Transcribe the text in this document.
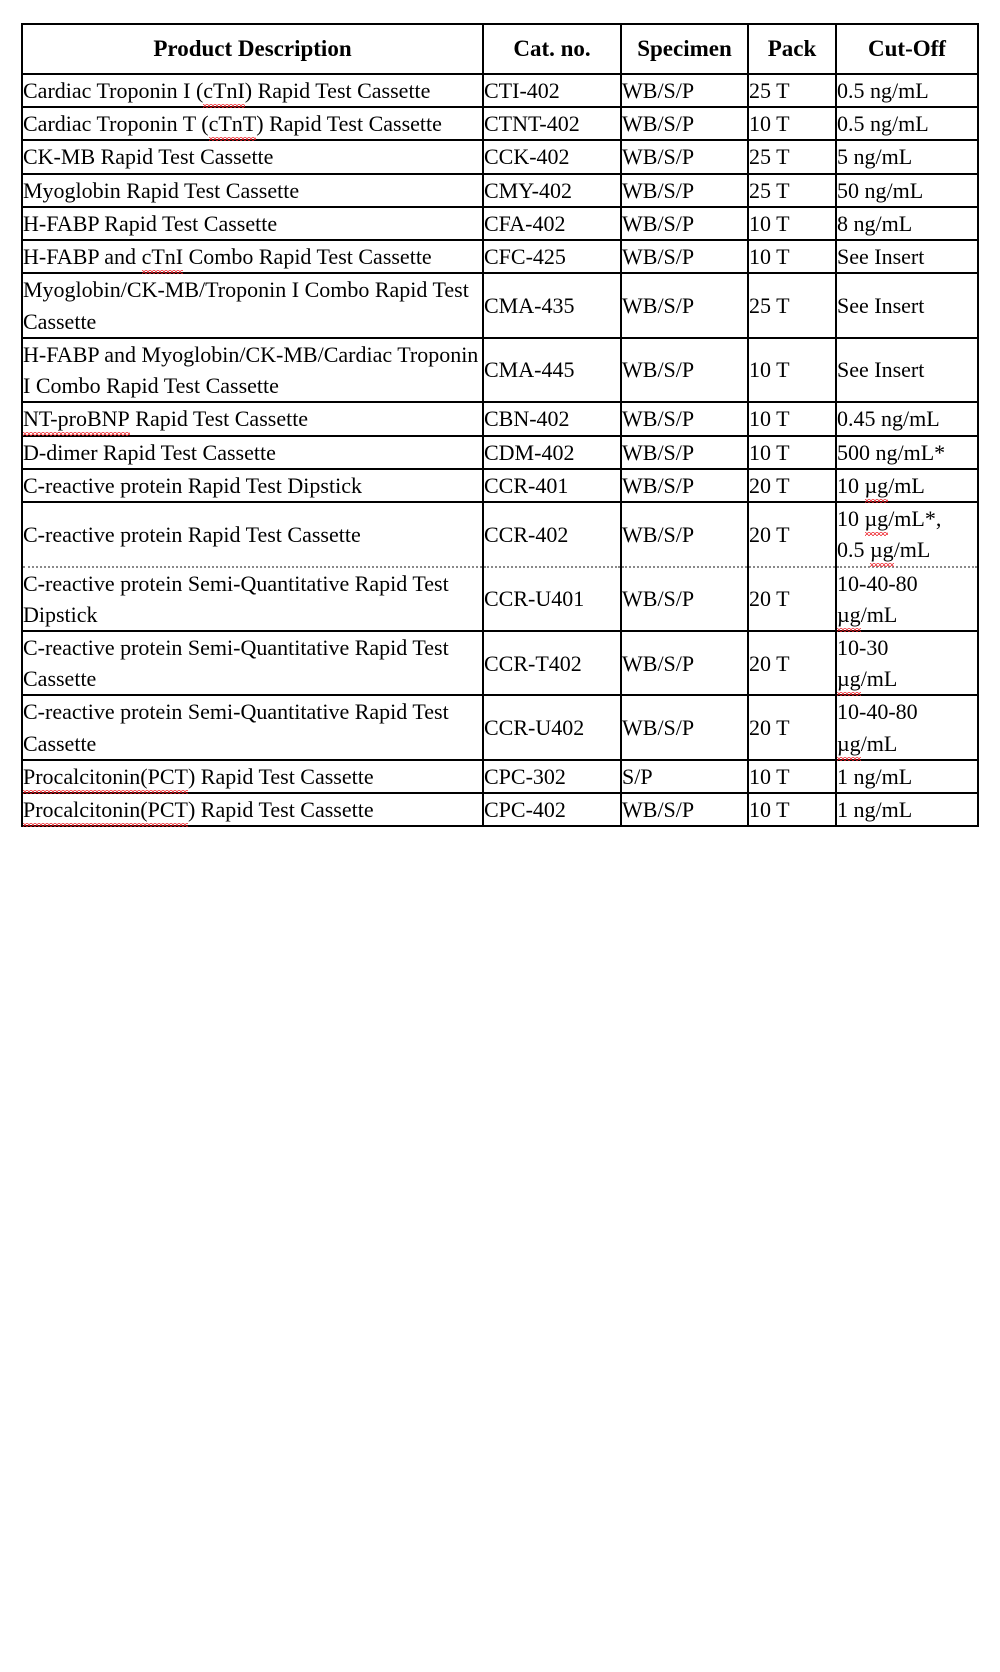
Product Description	Cat. no.	Specimen	Pack	Cut-Off
Cardiac Troponin I (cTnI) Rapid Test Cassette	CTI-402	WB/S/P	25 T	0.5 ng/mL
Cardiac Troponin T (cTnT) Rapid Test Cassette	CTNT-402	WB/S/P	10 T	0.5 ng/mL
CK-MB Rapid Test Cassette	CCK-402	WB/S/P	25 T	5 ng/mL
Myoglobin Rapid Test Cassette	CMY-402	WB/S/P	25 T	50 ng/mL
H-FABP Rapid Test Cassette	CFA-402	WB/S/P	10 T	8 ng/mL
H-FABP and cTnI Combo Rapid Test Cassette	CFC-425	WB/S/P	10 T	See Insert
Myoglobin/CK-MB/Troponin I Combo Rapid Test Cassette	CMA-435	WB/S/P	25 T	See Insert
H-FABP and Myoglobin/CK-MB/Cardiac Troponin I Combo Rapid Test Cassette	CMA-445	WB/S/P	10 T	See Insert
NT-proBNP Rapid Test Cassette	CBN-402	WB/S/P	10 T	0.45 ng/mL
D-dimer Rapid Test Cassette	CDM-402	WB/S/P	10 T	500 ng/mL*
C-reactive protein Rapid Test Dipstick	CCR-401	WB/S/P	20 T	10 µg/mL
C-reactive protein Rapid Test Cassette	CCR-402	WB/S/P	20 T	10 µg/mL*,
0.5 µg/mL
C-reactive protein Semi-Quantitative Rapid Test Dipstick	CCR-U401	WB/S/P	20 T	10-40-80
µg/mL
C-reactive protein Semi-Quantitative Rapid Test Cassette	CCR-T402	WB/S/P	20 T	10-30
µg/mL
C-reactive protein Semi-Quantitative Rapid Test Cassette	CCR-U402	WB/S/P	20 T	10-40-80
µg/mL
Procalcitonin(PCT) Rapid Test Cassette	CPC-302	S/P	10 T	1 ng/mL
Procalcitonin(PCT) Rapid Test Cassette	CPC-402	WB/S/P	10 T	1 ng/mL
